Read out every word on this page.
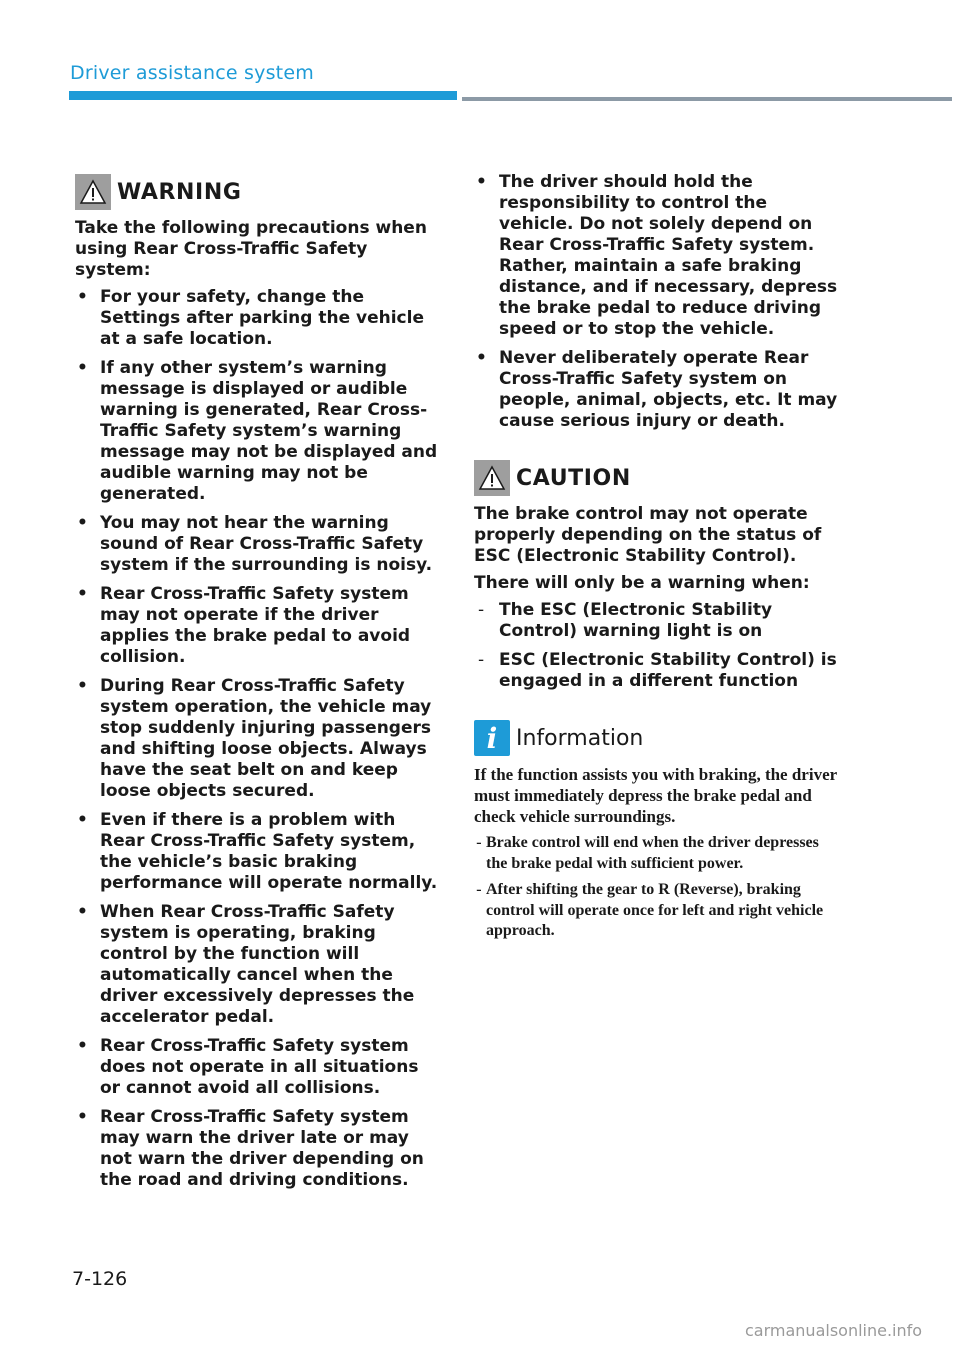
Driver assistance system
WARNING

Take the following precautions when using Rear Cross-Traffic Safety system:

• For your safety, change the Settings after parking the vehicle at a safe location.
• If any other system’s warning message is displayed or audible warning is generated, Rear Cross-Traffic Safety system’s warning message may not be displayed and audible warning may not be generated.
• You may not hear the warning sound of Rear Cross-Traffic Safety system if the surrounding is noisy.
• Rear Cross-Traffic Safety system may not operate if the driver applies the brake pedal to avoid collision.
• During Rear Cross-Traffic Safety system operation, the vehicle may stop suddenly injuring passengers and shifting loose objects. Always have the seat belt on and keep loose objects secured.
• Even if there is a problem with Rear Cross-Traffic Safety system, the vehicle’s basic braking performance will operate normally.
• When Rear Cross-Traffic Safety system is operating, braking control by the function will automatically cancel when the driver excessively depresses the accelerator pedal.
• Rear Cross-Traffic Safety system does not operate in all situations or cannot avoid all collisions.
• Rear Cross-Traffic Safety system may warn the driver late or may not warn the driver depending on the road and driving conditions.
• The driver should hold the responsibility to control the vehicle. Do not solely depend on Rear Cross-Traffic Safety system. Rather, maintain a safe braking distance, and if necessary, depress the brake pedal to reduce driving speed or to stop the vehicle.
• Never deliberately operate Rear Cross-Traffic Safety system on people, animal, objects, etc. It may cause serious injury or death.
CAUTION

The brake control may not operate properly depending on the status of ESC (Electronic Stability Control).

There will only be a warning when:

- The ESC (Electronic Stability Control) warning light is on
- ESC (Electronic Stability Control) is engaged in a different function
i Information

If the function assists you with braking, the driver must immediately depress the brake pedal and check vehicle surroundings.

- Brake control will end when the driver depresses the brake pedal with sufficient power.
- After shifting the gear to R (Reverse), braking control will operate once for left and right vehicle approach.
7-126
carmanualsonline.info
